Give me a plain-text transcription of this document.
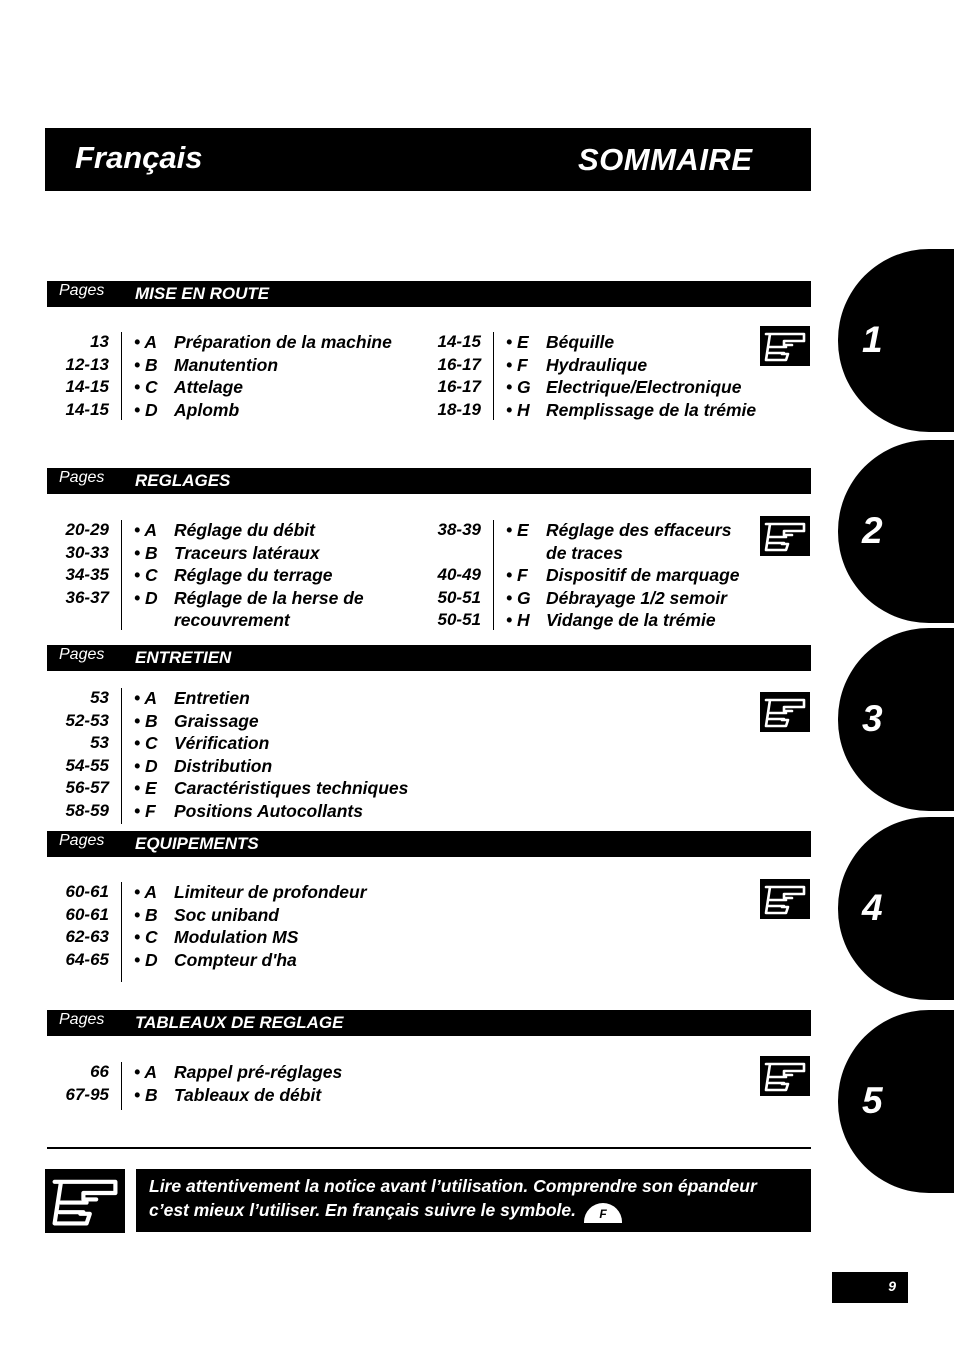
Français	SOMMAIRE
Pages MISE EN ROUTE
Pages REGLAGES
Pages ENTRETIEN
Pages EQUIPEMENTS
Pages TABLEAUX DE REGLAGE
13 • A Préparation de la machine
12-13 • B Manutention
14-15 • C Attelage
14-15 • D Aplomb
14-15 • E Béquille
16-17 • F Hydraulique
16-17 • G Electrique/Electronique
18-19 • H Remplissage de la trémie
20-29 • A Réglage du débit
30-33 • B Traceurs latéraux
34-35 • C Réglage du terrage
36-37 • D Réglage de la herse de
recouvrement
38-39 • E Réglage des effaceurs
de traces
40-49 • F Dispositif de marquage
50-51 • G Débrayage 1/2 semoir
50-51 • H Vidange de la trémie
53 • A Entretien
52-53 • B Graissage
53 • C Vérification
54-55 • D Distribution
56-57 • E Caractéristiques techniques
58-59 • F Positions Autocollants
60-61 • A Limiteur de profondeur
60-61 • B Soc uniband
62-63 • C Modulation MS
64-65 • D Compteur d'ha
66 • A Rappel pré-réglages
67-95 • B Tableaux de débit
1
2
3
4
5
Lire attentivement la notice avant l’utilisation. Comprendre son épandeur
c’est mieux l’utiliser. En français suivre le symbole. F
9
